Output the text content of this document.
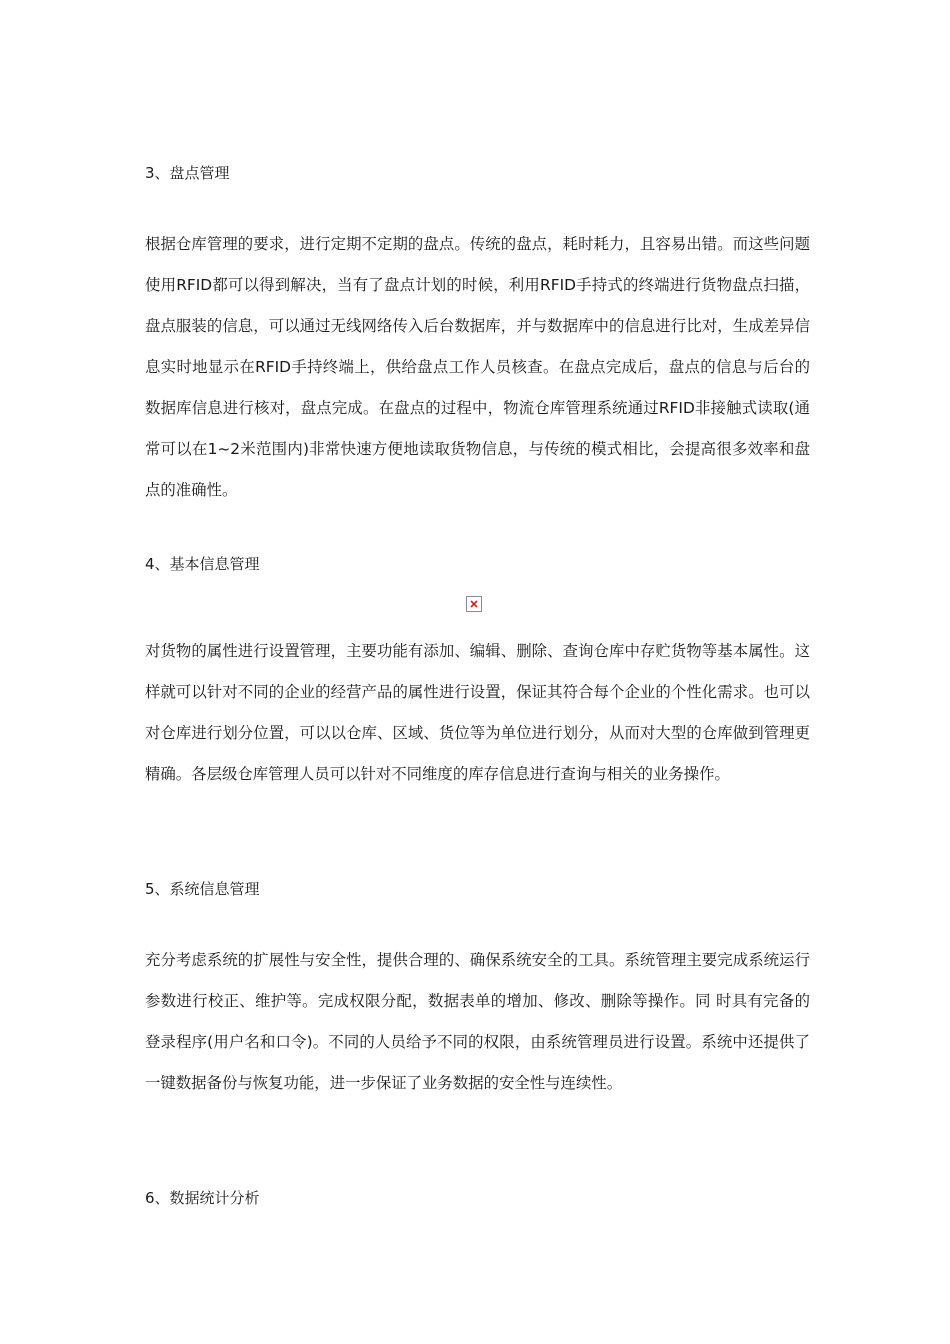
3、盘点管理

根据仓库管理的要求，进行定期不定期的盘点。传统的盘点，耗时耗力，且容易出错。而这些问题使用RFID都可以得到解决，当有了盘点计划的时候，利用RFID手持式的终端进行货物盘点扫描，盘点服装的信息，可以通过无线网络传入后台数据库，并与数据库中的信息进行比对，生成差异信息实时地显示在RFID手持终端上，供给盘点工作人员核查。在盘点完成后，盘点的信息与后台的数据库信息进行核对，盘点完成。在盘点的过程中，物流仓库管理系统通过RFID非接触式读取(通常可以在1~2米范围内)非常快速方便地读取货物信息，与传统的模式相比，会提高很多效率和盘 点的准确性。

4、基本信息管理

对货物的属性进行设置管理，主要功能有添加、编辑、删除、查询仓库中存贮货物等基本属性。这样就可以针对不同的企业的经营产品的属性进行设置，保证其符合每个企业的个性化需求。也可以对仓库进行划分位置，可以以仓库、区域、货位等为单位进行划分，从而对大型的仓库做到管理更精确。各层级仓库管理人员可以针对不同维度的库存信息进行查询与相关的业务操作。

5、系统信息管理

充分考虑系统的扩展性与安全性，提供合理的、确保系统安全的工具。系统管理主要完成系统运行参数进行校正、维护等。完成权限分配，数据表单的增加、修改、删除等操作。同 时具有完备的登录程序(用户名和口令)。不同的人员给予不同的权限，由系统管理员进行设置。系统中还提供了一键数据备份与恢复功能，进一步保证了业务数据的安全性与连续性。

6、数据统计分析
